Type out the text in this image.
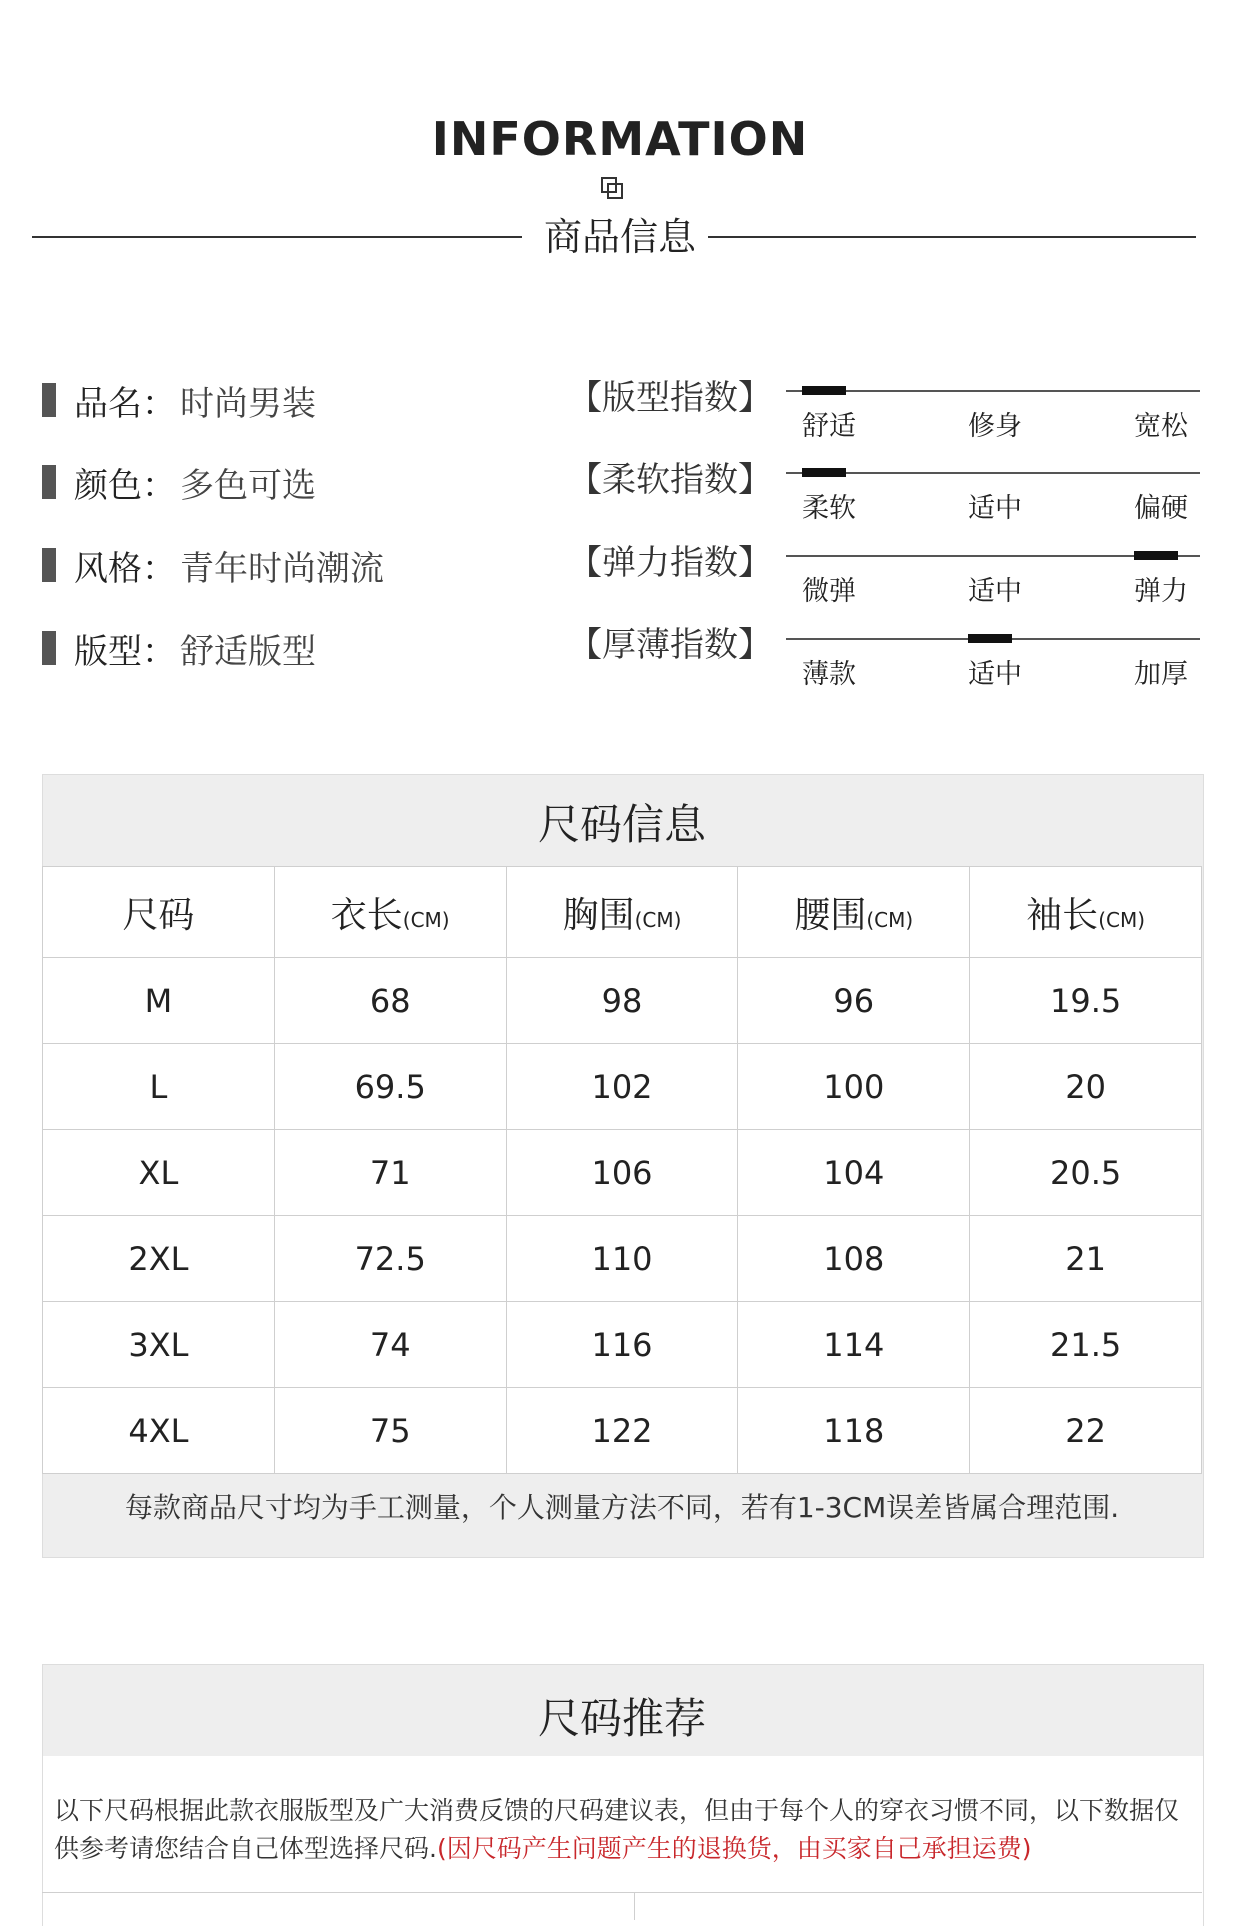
INFORMATION
商品信息
品名： 时尚男装
颜色： 多色可选
风格： 青年时尚潮流
版型： 舒适版型
【版型指数】
舒适	修身	宽松
【柔软指数】
柔软	适中	偏硬
【弹力指数】
微弹	适中	弹力
【厚薄指数】
薄款	适中	加厚
尺码信息
尺码	衣长(CM)	胸围(CM)	腰围(CM)	袖长(CM)
M	68	98	96	19.5
L	69.5	102	100	20
XL	71	106	104	20.5
2XL	72.5	110	108	21
3XL	74	116	114	21.5
4XL	75	122	118	22
每款商品尺寸均为手工测量，个人测量方法不同，若有1-3CM误差皆属合理范围.
尺码推荐
以下尺码根据此款衣服版型及广大消费反馈的尺码建议表，但由于每个人的穿衣习惯不同，以下数据仅供参考请您结合自己体型选择尺码.(因尺码产生问题产生的退换货，由买家自己承担运费)
